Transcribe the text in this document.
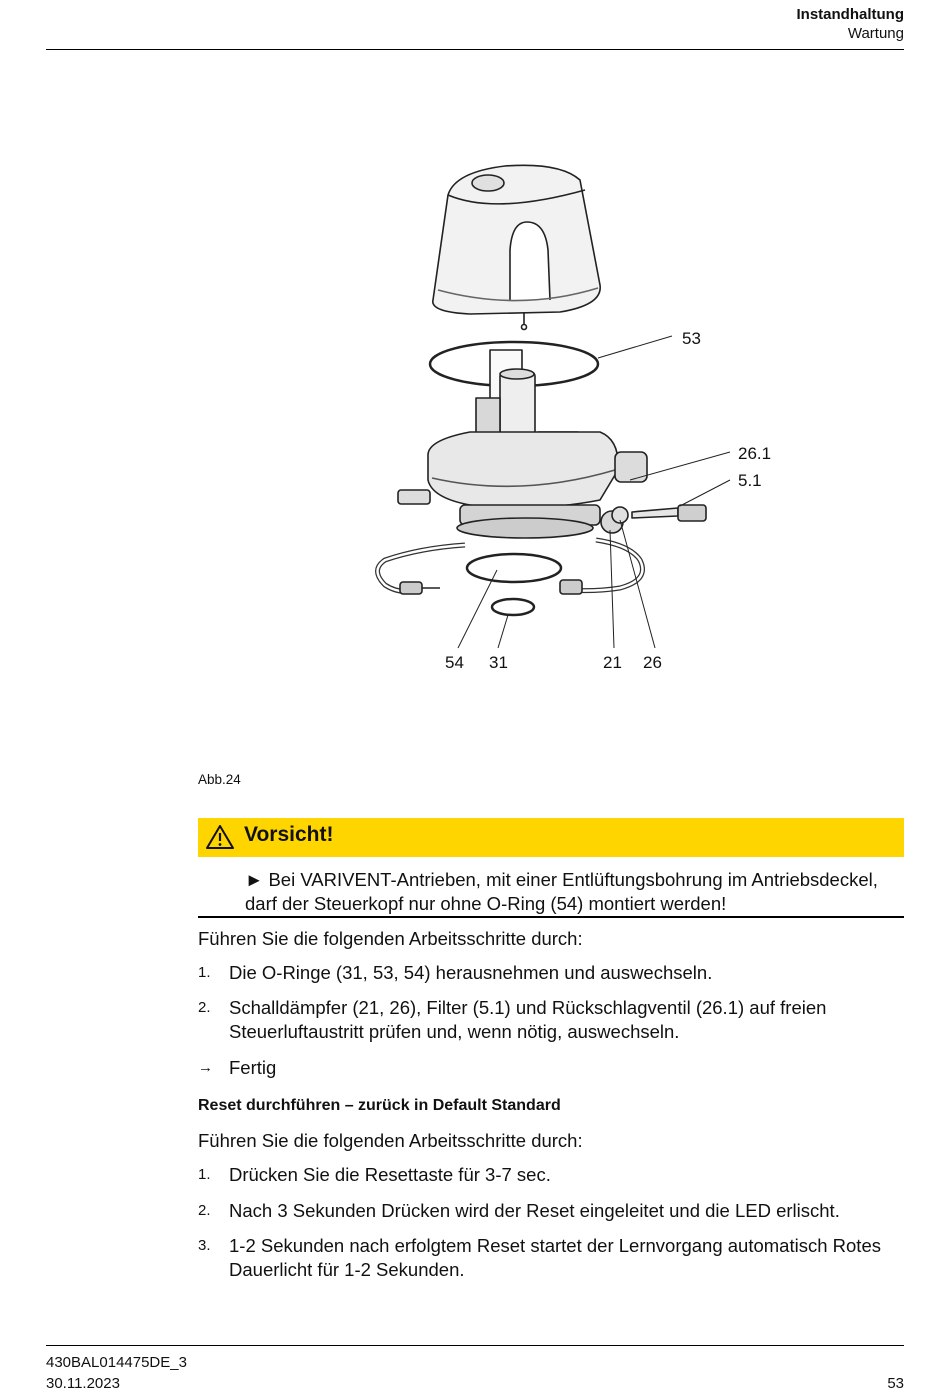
Instandhaltung
Wartung
53
26.1
5.1
54 31	21 26
Abb.24
Vorsicht!
► Bei VARIVENT-Antrieben, mit einer Entlüftungsbohrung im Antriebsdeckel, darf der Steuerkopf nur ohne O-Ring (54) montiert werden!
Führen Sie die folgenden Arbeitsschritte durch:
1. Die O-Ringe (31, 53, 54) herausnehmen und auswechseln.
2. Schalldämpfer (21, 26), Filter (5.1) und Rückschlagventil (26.1) auf freien Steuerluftaustritt prüfen und, wenn nötig, auswechseln.
→ Fertig
Reset durchführen – zurück in Default Standard
Führen Sie die folgenden Arbeitsschritte durch:
1. Drücken Sie die Resettaste für 3-7 sec.
2. Nach 3 Sekunden Drücken wird der Reset eingeleitet und die LED erlischt.
3. 1-2 Sekunden nach erfolgtem Reset startet der Lernvorgang automatisch Rotes Dauerlicht für 1-2 Sekunden.
430BAL014475DE_3
30.11.2023	53
